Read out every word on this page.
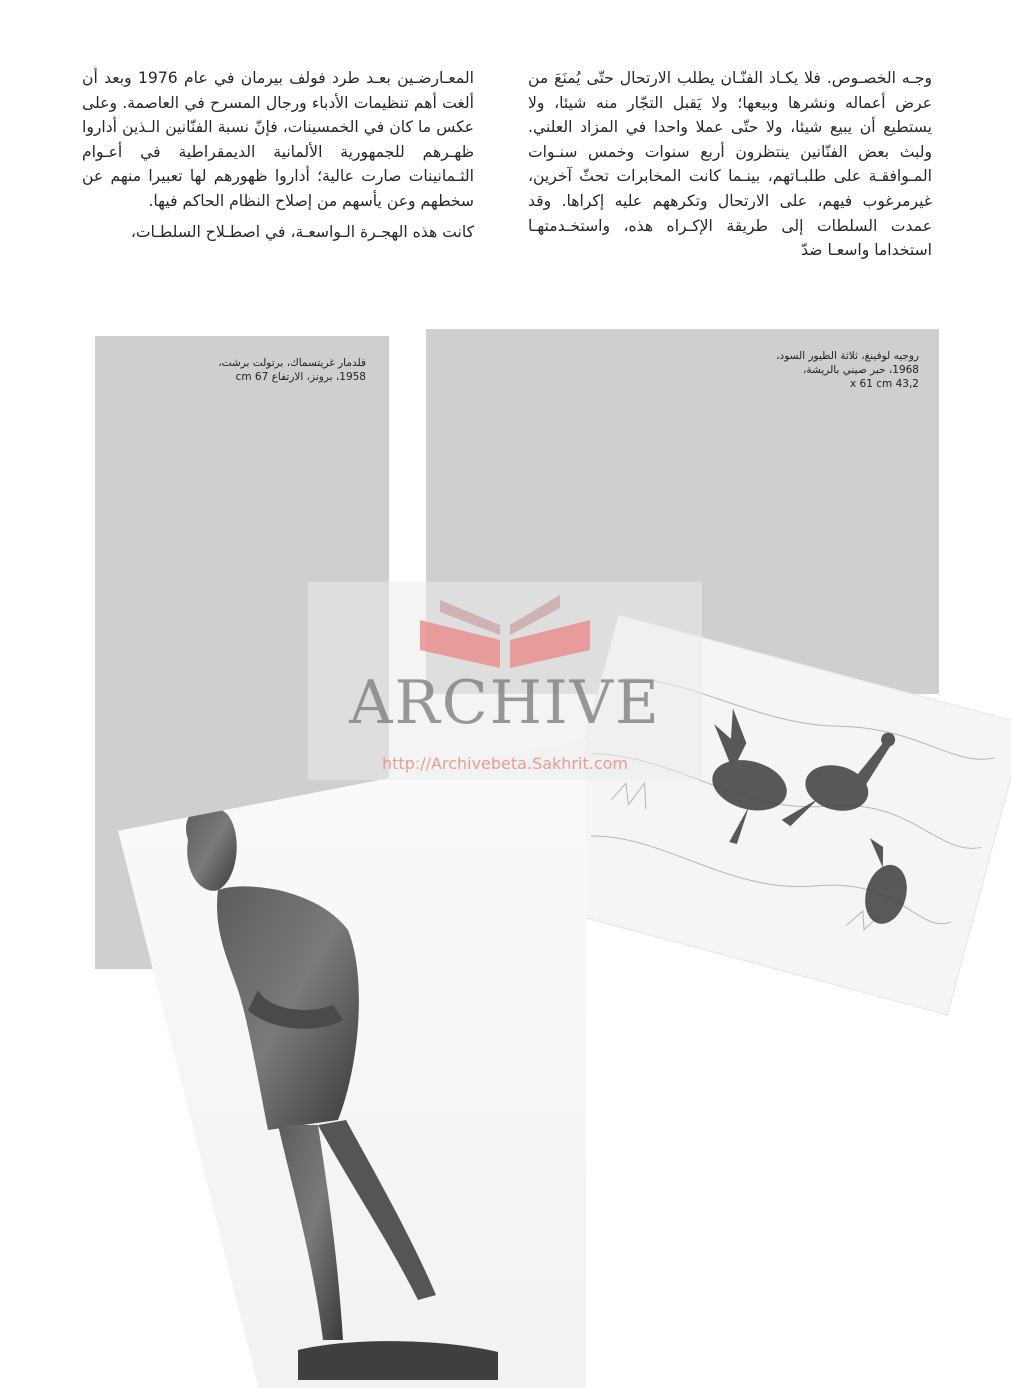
وجـه الخصـوص. فلا يكـاد الفنّـان يطلب الارتحال حتّى يُمنَعَ من عرض أعماله ونشرها وبيعها؛ ولا يَقبل التجّار منه شيئا، ولا يستطيع أن يبيع شيئا، ولا حتّى عملا واحدا في المزاد العلني. ولبث بعض الفنّانين ينتظرون أربع سنوات وخمس سنـوات المـوافقـة على طلبـاتهم، بينـما كانت المخابرات تحثّ آخرين، غيرمرغوب فيهم، على الارتحال وتكرههم عليه إكراها. وقد عمدت السلطات إلى طريقة الإكـراه هذه، واستخـدمتهـا استخداما واسعـا ضدّ

المعـارضـين بعـد طرد فولف بيرمان في عام 1976 وبعد أن ألغت أهم تنظيمات الأدباء ورجال المسرح في العاصمة. وعلى عكس ما كان في الخمسينات، فإنّ نسبة الفنّانين الـذين أداروا ظهـرهم للجمهورية الألمانية الديمقراطية في أعـوام الثـمانينات صارت عالية؛ أداروا ظهورهم لها تعبيرا منهم عن سخطهم وعن يأسهم من إصلاح النظام الحاكم فيها.

كانت هذه الهجـرة الـواسعـة، في اصطـلاح السلطـات،

فلدمار غريتسماك، برتولت برشت،
1958، برونز، الارتفاع 67 cm
روجيه لوفينغ، ثلاثة الطيور السود،
1968، حبر صيني بالريشة،
43,2 x 61 cm
ARCHIVE
http://Archivebeta.Sakhrit.com
